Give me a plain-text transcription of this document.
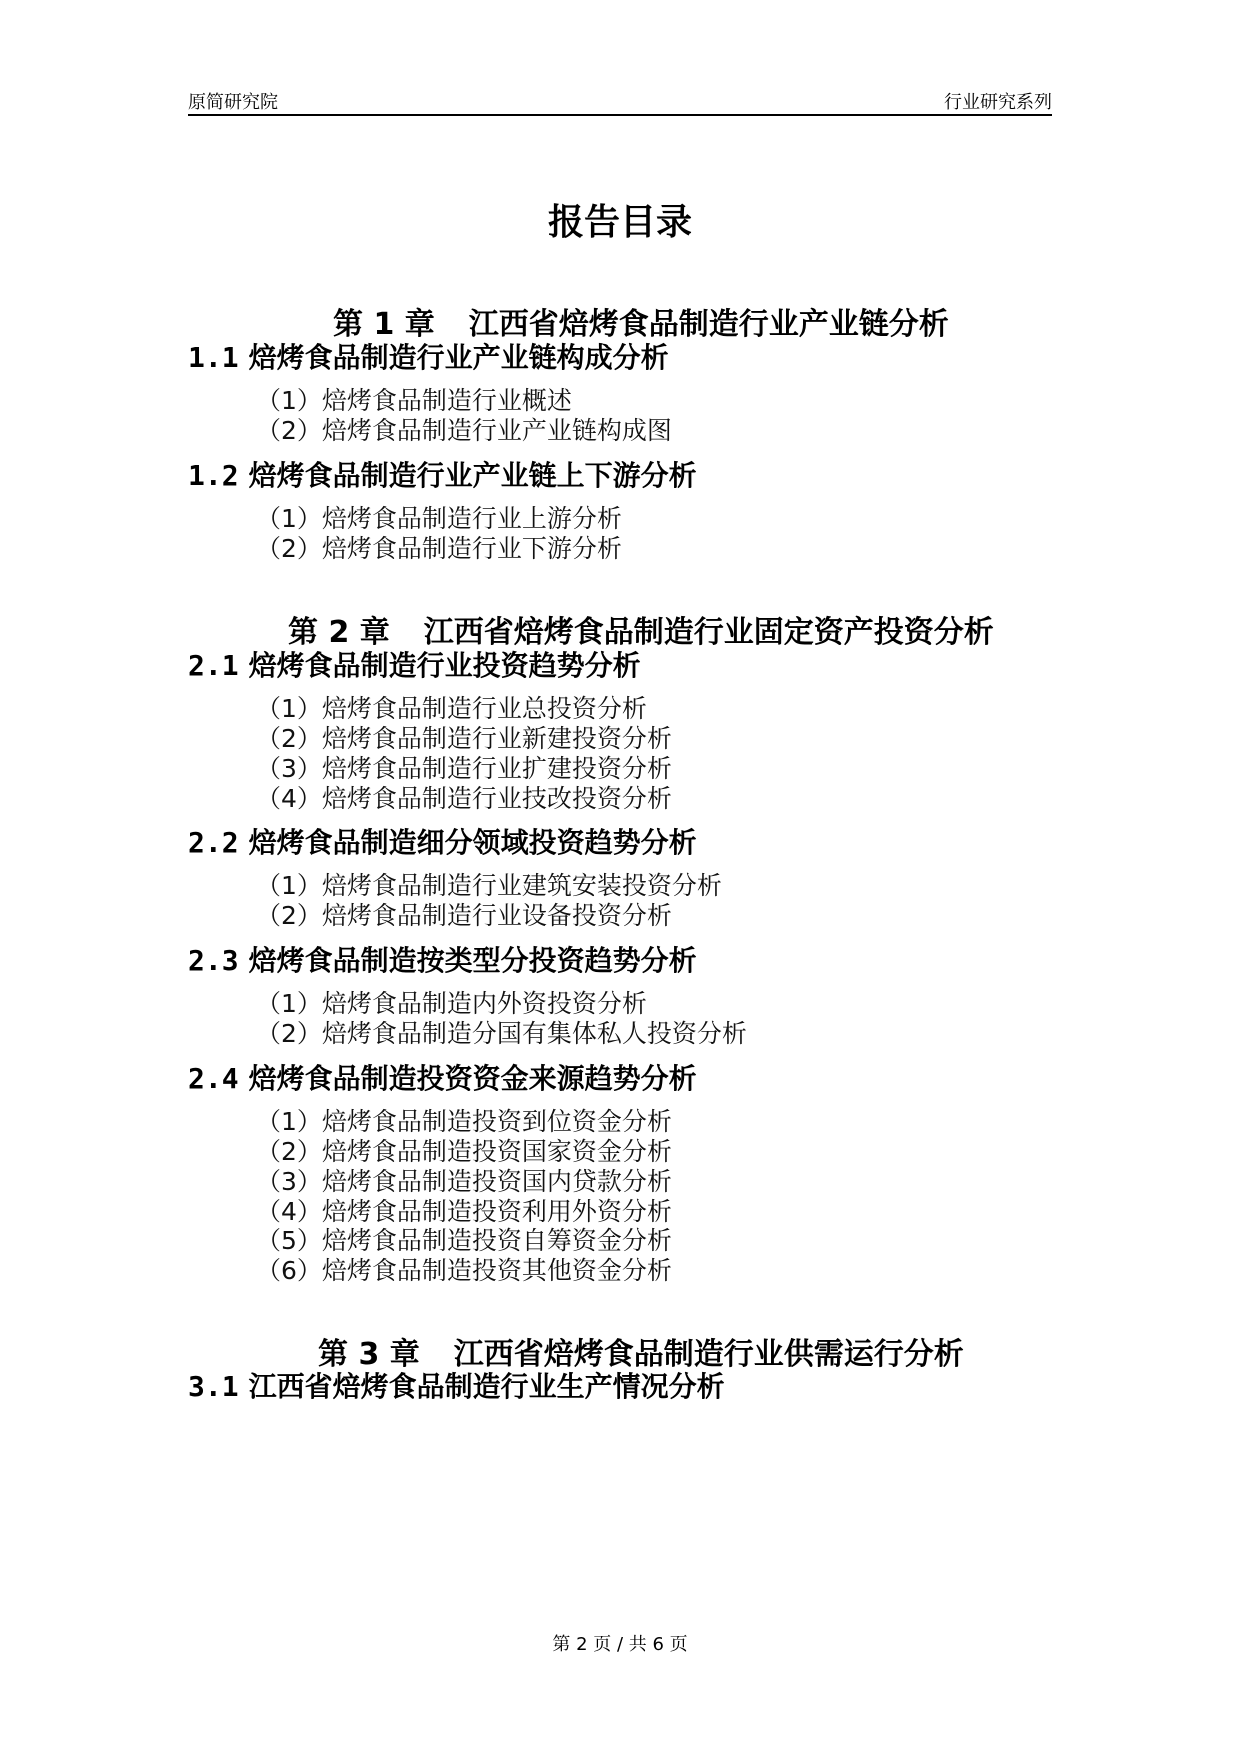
原简研究院	行业研究系列
报告目录

第 1 章 江西省焙烤食品制造行业产业链分析

1.1 焙烤食品制造行业产业链构成分析
（1）焙烤食品制造行业概述
（2）焙烤食品制造行业产业链构成图
1.2 焙烤食品制造行业产业链上下游分析
（1）焙烤食品制造行业上游分析
（2）焙烤食品制造行业下游分析

第 2 章 江西省焙烤食品制造行业固定资产投资分析

2.1 焙烤食品制造行业投资趋势分析
（1）焙烤食品制造行业总投资分析
（2）焙烤食品制造行业新建投资分析
（3）焙烤食品制造行业扩建投资分析
（4）焙烤食品制造行业技改投资分析
2.2 焙烤食品制造细分领域投资趋势分析
（1）焙烤食品制造行业建筑安装投资分析
（2）焙烤食品制造行业设备投资分析
2.3 焙烤食品制造按类型分投资趋势分析
（1）焙烤食品制造内外资投资分析
（2）焙烤食品制造分国有集体私人投资分析
2.4 焙烤食品制造投资资金来源趋势分析
（1）焙烤食品制造投资到位资金分析
（2）焙烤食品制造投资国家资金分析
（3）焙烤食品制造投资国内贷款分析
（4）焙烤食品制造投资利用外资分析
（5）焙烤食品制造投资自筹资金分析
（6）焙烤食品制造投资其他资金分析

第 3 章 江西省焙烤食品制造行业供需运行分析

3.1 江西省焙烤食品制造行业生产情况分析
第 2 页 / 共 6 页
